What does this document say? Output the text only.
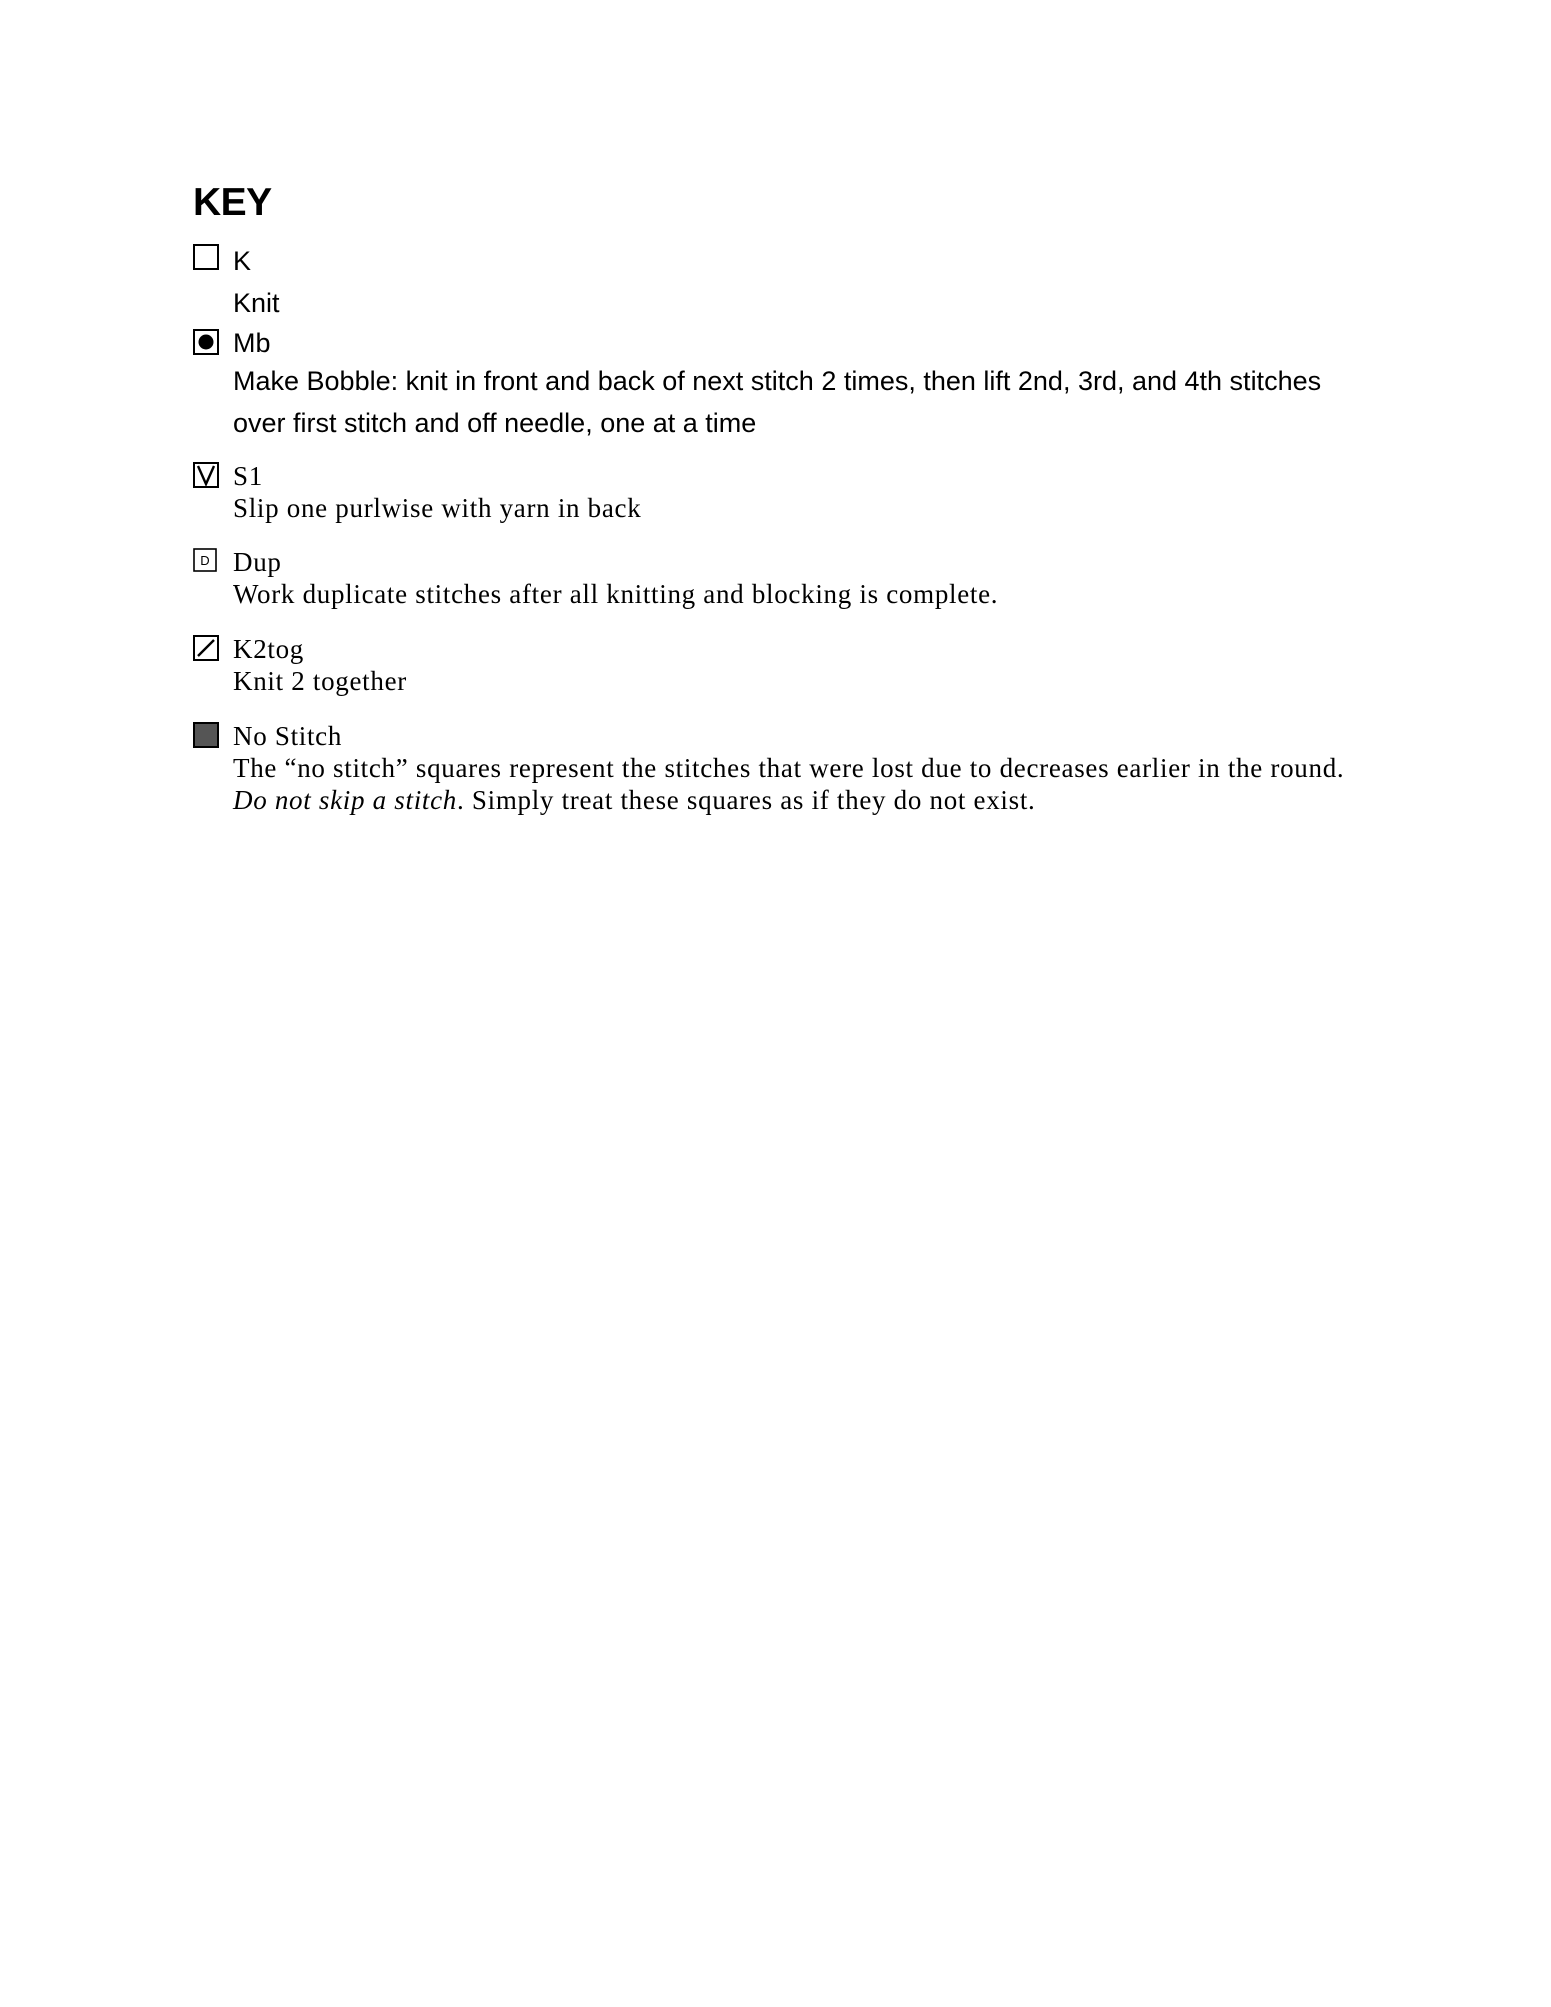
KEY

K

Knit

Mb

Make Bobble: knit in front and back of next stitch 2 times, then lift 2nd, 3rd, and 4th stitches over first stitch and off needle, one at a time

S1

Slip one purlwise with yarn in back

D Dup

Work duplicate stitches after all knitting and blocking is complete.

K2tog

Knit 2 together

No Stitch

The “no stitch” squares represent the stitches that were lost due to decreases earlier in the round. Do not skip a stitch. Simply treat these squares as if they do not exist.
